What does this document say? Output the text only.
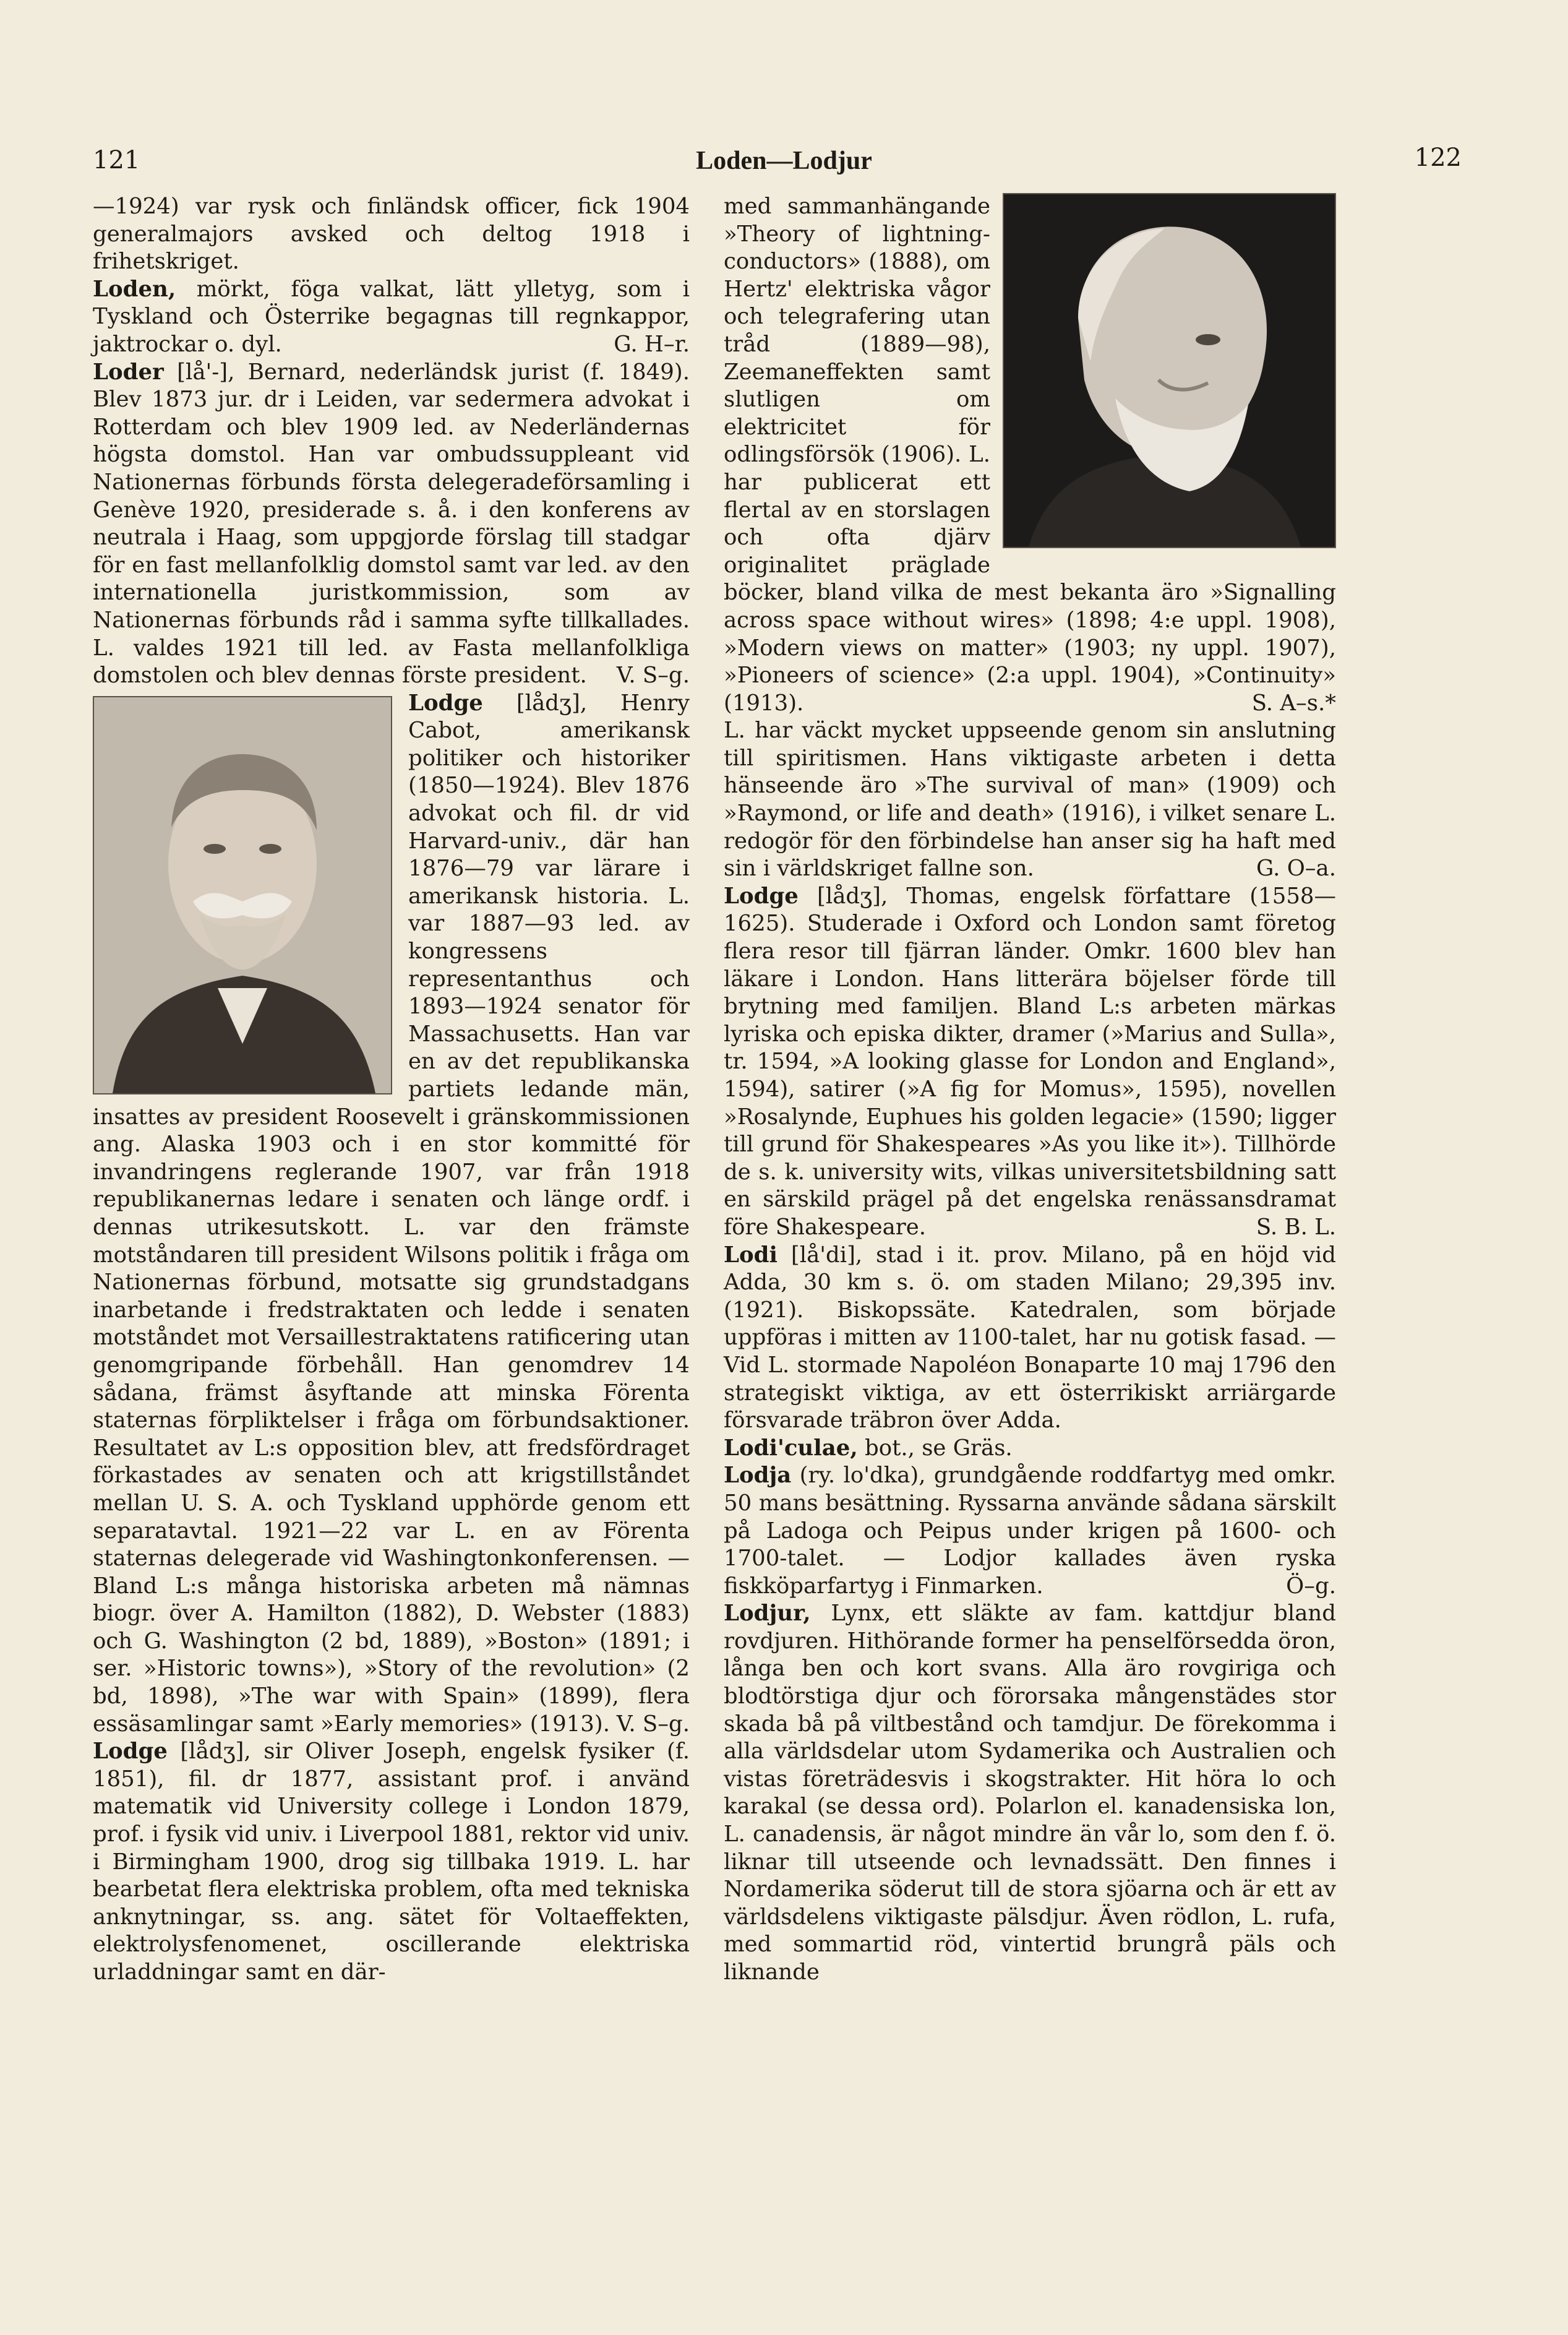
121	Loden—Lodjur	122

—1924) var rysk och finländsk officer, fick 1904 generalmajors avsked och deltog 1918 i frihetskriget.

Loden, mörkt, föga valkat, lätt ylletyg, som i Tyskland och Österrike begagnas till regnkappor, jaktrockar o. dyl.	G. H–r.

Loder [lå'-], Bernard, nederländsk jurist (f. 1849). Blev 1873 jur. dr i Leiden, var sedermera advokat i Rotterdam och blev 1909 led. av Nederländernas högsta domstol. Han var ombudssuppleant vid Nationernas förbunds första delegeradeförsamling i Genève 1920, presiderade s. å. i den konferens av neutrala i Haag, som uppgjorde förslag till stadgar för en fast mellanfolklig domstol samt var led. av den internationella juristkommission, som av Nationernas förbunds råd i samma syfte tillkallades. L. valdes 1921 till led. av Fasta mellanfolkliga domstolen och blev dennas förste president. V. S–g.

Lodge [lådʒ], Henry Cabot, amerikansk politiker och historiker (1850—1924). Blev 1876 advokat och fil. dr vid Harvard-univ., där han 1876—79 var lärare i amerikansk historia. L. var 1887—93 led. av kongressens representanthus och 1893—1924 senator för Massachusetts. Han var en av det republikanska partiets ledande män, insattes av president Roosevelt i gränskommissionen ang. Alaska 1903 och i en stor kommitté för invandringens reglerande 1907, var från 1918 republikanernas ledare i senaten och länge ordf. i dennas utrikesutskott. L. var den främste motståndaren till president Wilsons politik i fråga om Nationernas förbund, motsatte sig grundstadgans inarbetande i fredstraktaten och ledde i senaten motståndet mot Versaillestraktatens ratificering utan genomgripande förbehåll. Han genomdrev 14 sådana, främst åsyftande att minska Förenta staternas förpliktelser i fråga om förbundsaktioner. Resultatet av L:s opposition blev, att fredsfördraget förkastades av senaten och att krigstillståndet mellan U. S. A. och Tyskland upphörde genom ett separatavtal. 1921—22 var L. en av Förenta staternas delegerade vid Washingtonkonferensen. — Bland L:s många historiska arbeten må nämnas biogr. över A. Hamilton (1882), D. Webster (1883) och G. Washington (2 bd, 1889), »Boston» (1891; i ser. »Historic towns»), »Story of the revolution» (2 bd, 1898), »The war with Spain» (1899), flera essäsamlingar samt »Early memories» (1913). V. S–g.

Lodge [lådʒ], sir Oliver Joseph, engelsk fysiker (f. 1851), fil. dr 1877, assistant prof. i använd matematik vid University college i London 1879, prof. i fysik vid univ. i Liverpool 1881, rektor vid univ. i Birmingham 1900, drog sig tillbaka 1919. L. har bearbetat flera elektriska problem, ofta med tekniska anknytningar, ss. ang. sätet för Voltaeffekten, elektrolysfenomenet, oscillerande elektriska urladdningar samt en där-

med sammanhängande »Theory of lightning-conductors» (1888), om Hertz' elektriska vågor och telegrafering utan tråd (1889—98), Zeemaneffekten samt slutligen om elektricitet för odlingsförsök (1906). L. har publicerat ett flertal av en storslagen och ofta djärv originalitet präglade böcker, bland vilka de mest bekanta äro »Signalling across space without wires» (1898; 4:e uppl. 1908), »Modern views on matter» (1903; ny uppl. 1907), »Pioneers of science» (2:a uppl. 1904), »Continuity» (1913).	S. A–s.*

L. har väckt mycket uppseende genom sin anslutning till spiritismen. Hans viktigaste arbeten i detta hänseende äro »The survival of man» (1909) och »Raymond, or life and death» (1916), i vilket senare L. redogör för den förbindelse han anser sig ha haft med sin i världskriget fallne son.	G. O–a.

Lodge [lådʒ], Thomas, engelsk författare (1558—1625). Studerade i Oxford och London samt företog flera resor till fjärran länder. Omkr. 1600 blev han läkare i London. Hans litterära böjelser förde till brytning med familjen. Bland L:s arbeten märkas lyriska och episka dikter, dramer (»Marius and Sulla», tr. 1594, »A looking glasse for London and England», 1594), satirer (»A fig for Momus», 1595), novellen »Rosalynde, Euphues his golden legacie» (1590; ligger till grund för Shakespeares »As you like it»). Tillhörde de s. k. university wits, vilkas universitetsbildning satt en särskild prägel på det engelska renässansdramat före Shakespeare.	S. B. L.

Lodi [lå'di], stad i it. prov. Milano, på en höjd vid Adda, 30 km s. ö. om staden Milano; 29,395 inv. (1921). Biskopssäte. Katedralen, som började uppföras i mitten av 1100-talet, har nu gotisk fasad. — Vid L. stormade Napoléon Bonaparte 10 maj 1796 den strategiskt viktiga, av ett österrikiskt arriärgarde försvarade träbron över Adda.

Lodi'culae, bot., se Gräs.

Lodja (ry. lo'dka), grundgående roddfartyg med omkr. 50 mans besättning. Ryssarna använde sådana särskilt på Ladoga och Peipus under krigen på 1600- och 1700-talet. — Lodjor kallades även ryska fiskköparfartyg i Finmarken.	Ö–g.

Lodjur, Lynx, ett släkte av fam. kattdjur bland rovdjuren. Hithörande former ha penselförsedda öron, långa ben och kort svans. Alla äro rovgiriga och blodtörstiga djur och förorsaka mångenstädes stor skada bå på viltbestånd och tamdjur. De förekomma i alla världsdelar utom Sydamerika och Australien och vistas företrädesvis i skogstrakter. Hit höra lo och karakal (se dessa ord). Polarlon el. kanadensiska lon, L. canadensis, är något mindre än vår lo, som den f. ö. liknar till utseende och levnadssätt. Den finnes i Nordamerika söderut till de stora sjöarna och är ett av världsdelens viktigaste pälsdjur. Även rödlon, L. rufa, med sommartid röd, vintertid brungrå päls och liknande
